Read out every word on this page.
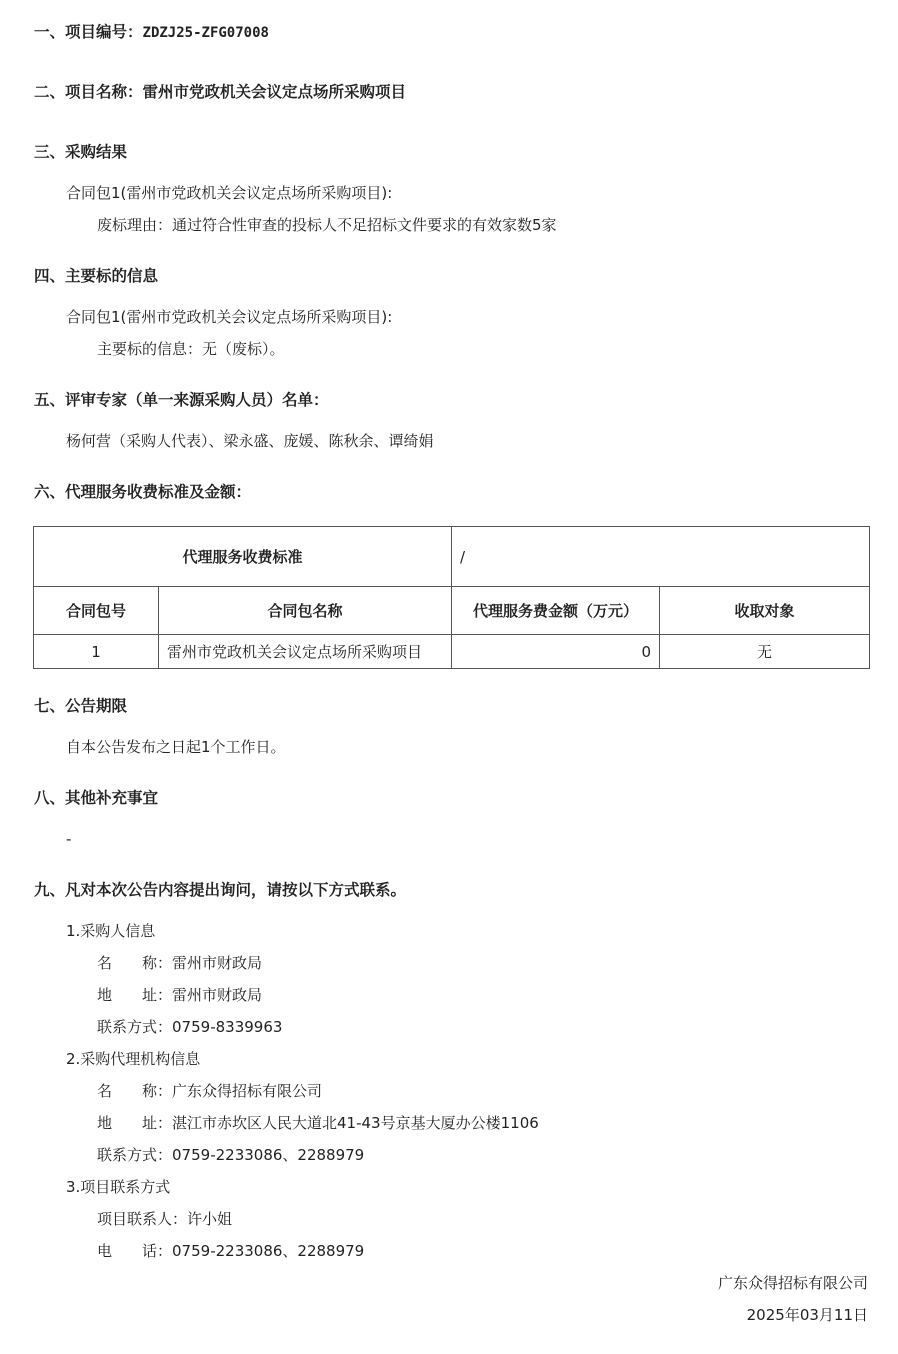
一、项目编号：ZDZJ25-ZFG07008
二、项目名称：雷州市党政机关会议定点场所采购项目
三、采购结果
合同包1(雷州市党政机关会议定点场所采购项目):
废标理由：通过符合性审查的投标人不足招标文件要求的有效家数5家
四、主要标的信息
合同包1(雷州市党政机关会议定点场所采购项目):
主要标的信息：无（废标）。
五、评审专家（单一来源采购人员）名单：
杨何营（采购人代表）、梁永盛、庞媛、陈秋余、谭绮娟
六、代理服务收费标准及金额：
代理服务收费标准		/	
合同包号	合同包名称	代理服务费金额（万元）	收取对象
1	雷州市党政机关会议定点场所采购项目	0	无
七、公告期限
自本公告发布之日起1个工作日。
八、其他补充事宜
-
九、凡对本次公告内容提出询问，请按以下方式联系。
1.采购人信息
名　　称：雷州市财政局
地　　址：雷州市财政局
联系方式：0759-8339963
2.采购代理机构信息
名　　称：广东众得招标有限公司
地　　址：湛江市赤坎区人民大道北41-43号京基大厦办公楼1106
联系方式：0759-2233086、2288979
3.项目联系方式
项目联系人：许小姐
电　　话：0759-2233086、2288979
广东众得招标有限公司
2025年03月11日
